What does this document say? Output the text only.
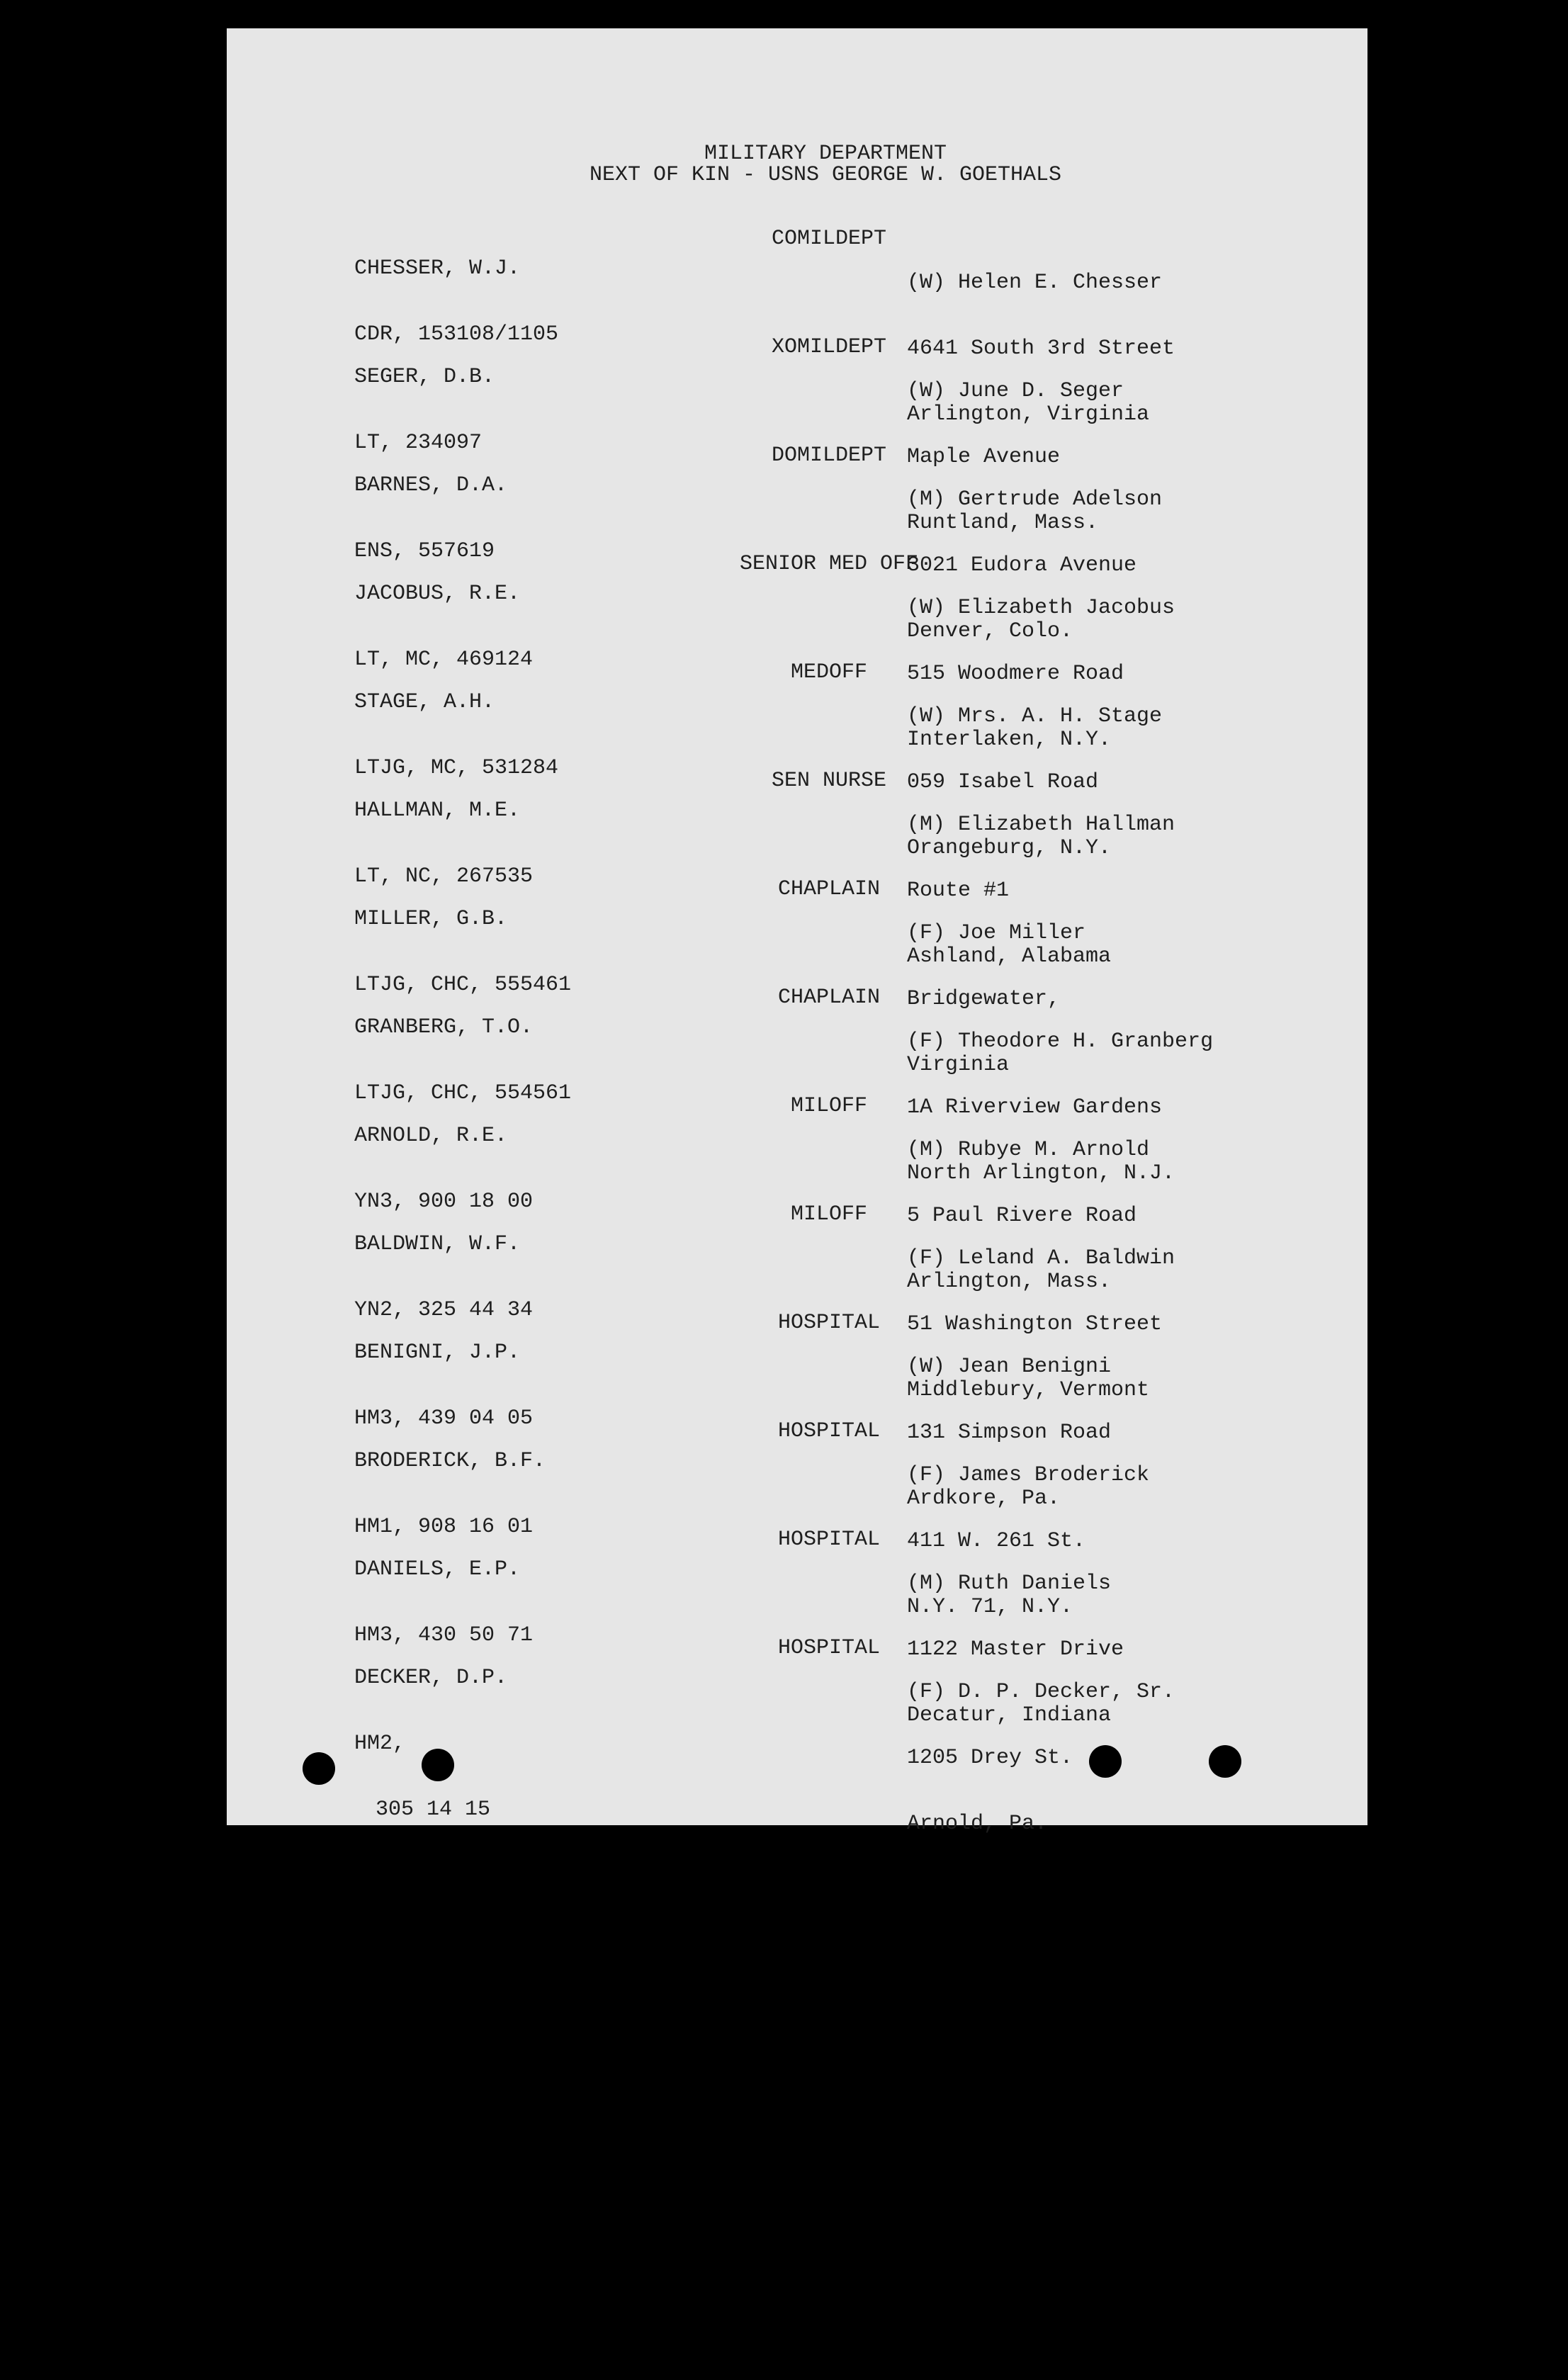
MILITARY DEPARTMENT
NEXT OF KIN - USNS GEORGE W. GOETHALS

CHESSER, W.J.

CDR, 153108/1105

COMILDEPT

(W) Helen E. Chesser

4641 South 3rd Street

Arlington, Virginia

SEGER, D.B.

LT, 234097

XOMILDEPT

(W) June D. Seger

Maple Avenue

Runtland, Mass.

BARNES, D.A.

ENS, 557619

DOMILDEPT

(M) Gertrude Adelson

3021 Eudora Avenue

Denver, Colo.

JACOBUS, R.E.

LT, MC, 469124

SENIOR MED OFF

(W) Elizabeth Jacobus

515 Woodmere Road

Interlaken, N.Y.

STAGE, A.H.

LTJG, MC, 531284

MEDOFF

(W) Mrs. A. H. Stage

059 Isabel Road

Orangeburg, N.Y.

HALLMAN, M.E.

LT, NC, 267535

SEN NURSE

(M) Elizabeth Hallman

Route #1

Ashland, Alabama

MILLER, G.B.

LTJG, CHC, 555461

CHAPLAIN

(F) Joe Miller

Bridgewater,

Virginia

GRANBERG, T.O.

LTJG, CHC, 554561

CHAPLAIN

(F) Theodore H. Granberg

1A Riverview Gardens

North Arlington, N.J.

ARNOLD, R.E.

YN3, 900 18 00

MILOFF

(M) Rubye M. Arnold

5 Paul Rivere Road

Arlington, Mass.

BALDWIN, W.F.

YN2, 325 44 34

MILOFF

(F) Leland A. Baldwin

51 Washington Street

Middlebury, Vermont

BENIGNI, J.P.

HM3, 439 04 05

HOSPITAL

(W) Jean Benigni

131 Simpson Road

Ardkore, Pa.

BRODERICK, B.F.

HM1, 908 16 01

HOSPITAL

(F) James Broderick

411 W. 261 St.

N.Y. 71, N.Y.

DANIELS, E.P.

HM3, 430 50 71

HOSPITAL

(M) Ruth Daniels

1122 Master Drive

Decatur, Indiana

DECKER, D.P.

HM2,

305 14 15

HOSPITAL

(F) D. P. Decker, Sr.

1205 Drey St.

Arnold, Pa.
